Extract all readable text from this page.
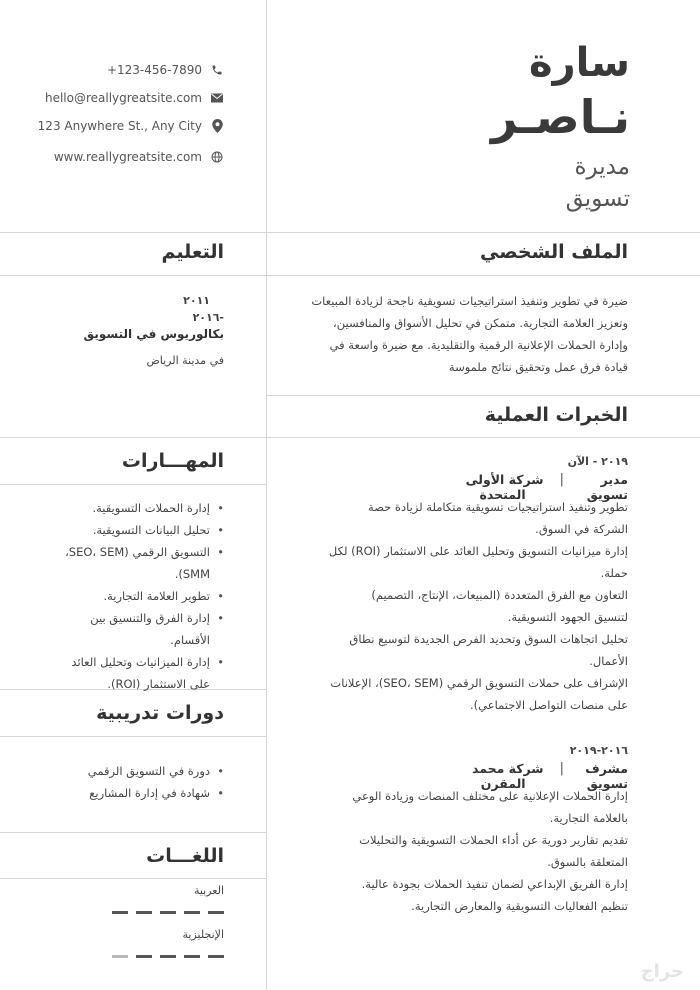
سارة
نـاصـر
مديرة
تسويق
+123-456-7890
hello@reallygreatsite.com
123 Anywhere St., Any City
www.reallygreatsite.com
الملف الشخصي
التعليم
الخبرات العملية
المهـــارات
دورات تدريبية
اللغـــات
ضيرة في تطوير وتنفيذ استراتيجيات تسويقية ناجحة لزيادة المبيعات وتعزيز العلامة التجارية. متمكن في تحليل الأسواق والمنافسين، وإدارة الحملات الإعلانية الرقمية والتقليدية. مع ضيرة واسعة في قيادة فرق عمل وتحقيق نتائج ملموسة
٢٠١١
-٢٠١٦
بكالوريوس في التسويق
في مدينة الرياض
• إدارة الحملات التسويقية.
• تحليل البيانات التسويقية.
• التسويق الرقمي (SEO، SEM،
SMM).
• تطوير العلامة التجارية.
• إدارة الفرق والتنسيق بين
الأقسام.
• إدارة الميزانيات وتحليل العائد
على الاستثمار (ROI).
• دورة في التسويق الرقمي
• شهادة في إدارة المشاريع
العربية
الإنجليزية
٢٠١٩ - الآن
مدير
تسويق
|
شركة الأولى
المتحدة
تطوير وتنفيذ استراتيجيات تسويقية متكاملة لزيادة حصة
الشركة في السوق.
إدارة ميزانيات التسويق وتحليل العائد على الاستثمار (ROI) لكل
حملة.
التعاون مع الفرق المتعددة (المبيعات، الإنتاج، التصميم)
لتنسيق الجهود التسويقية.
تحليل اتجاهات السوق وتحديد الفرص الجديدة لتوسيع نطاق
الأعمال.
الإشراف على حملات التسويق الرقمي (SEO، SEM)، الإعلانات
على منصات التواصل الاجتماعي).
٢٠١٦-٢٠١٩
مشرف
تسويق
|
شركة محمد
المقرن
إدارة الحملات الإعلانية على مختلف المنصات وزيادة الوعي
بالعلامة التجارية.
تقديم تقارير دورية عن أداء الحملات التسويقية والتحليلات
المتعلقة بالسوق.
إدارة الفريق الإبداعي لضمان تنفيذ الحملات بجودة عالية.
تنظيم الفعاليات التسويقية والمعارض التجارية.
حراج
